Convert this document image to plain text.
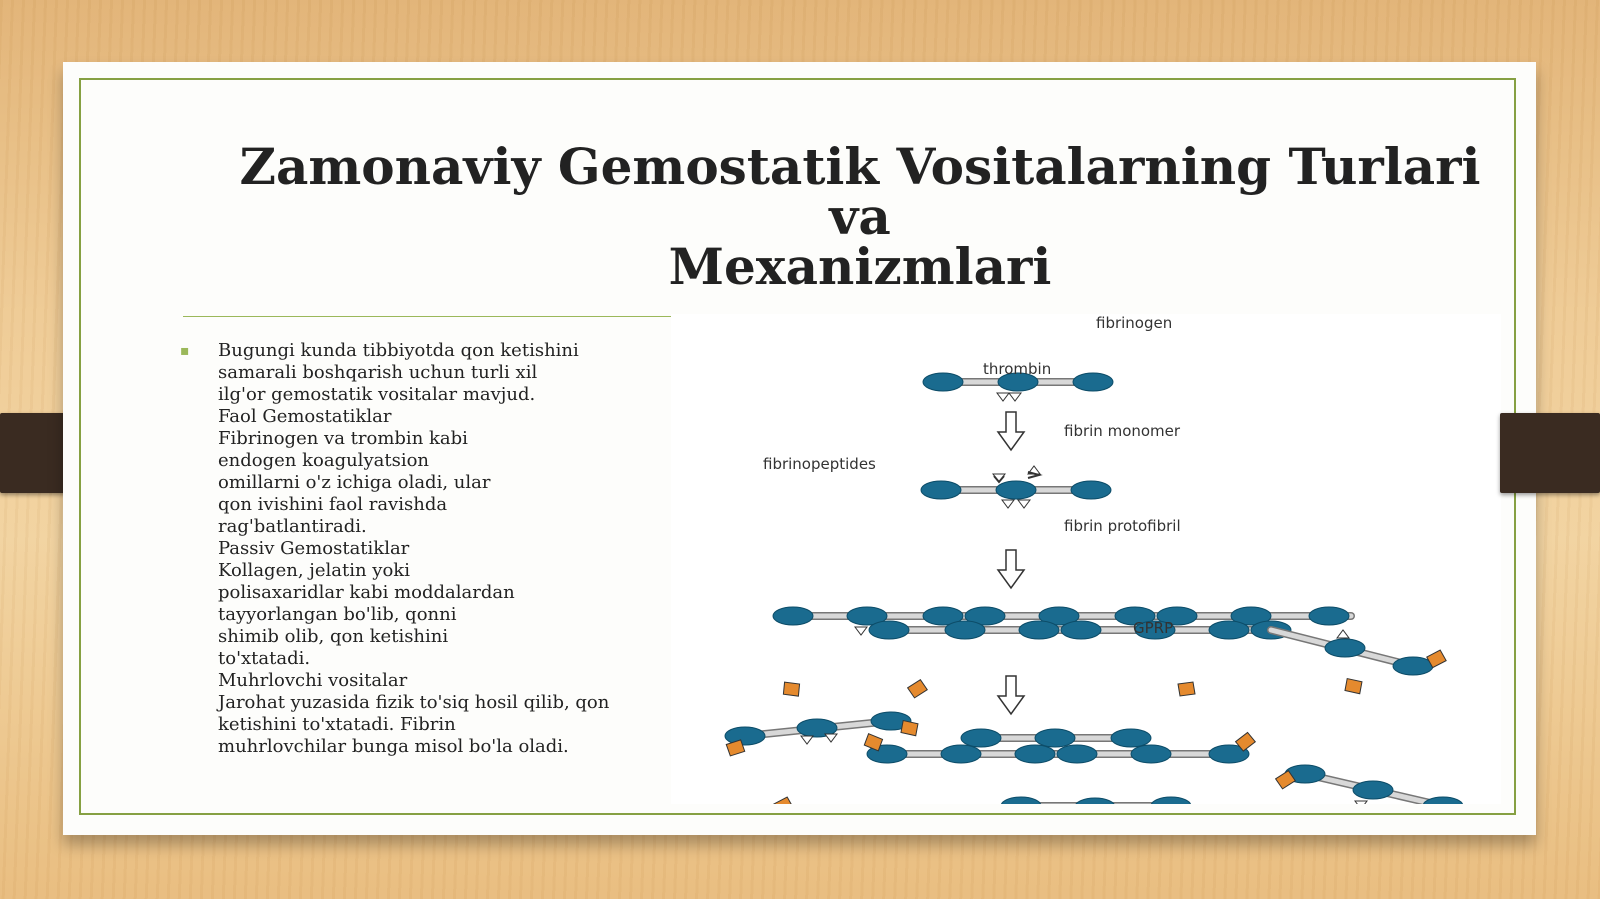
Zamonaviy Gemostatik Vositalarning Turlari
va
Mexanizmlari
▪ Bugungi kunda tibbiyotda qon ketishini
samarali boshqarish uchun turli xil
ilg'or gemostatik vositalar mavjud.
Faol Gemostatiklar
Fibrinogen va trombin kabi
endogen koagulyatsion
omillarni o'z ichiga oladi, ular
qon ivishini faol ravishda
rag'batlantiradi.
Passiv Gemostatiklar
Kollagen, jelatin yoki
polisaxaridlar kabi moddalardan
tayyorlangan bo'lib, qonni
shimib olib, qon ketishini
to'xtatadi.
Muhrlovchi vositalar
Jarohat yuzasida fizik to'siq hosil qilib, qon
ketishini to'xtatadi. Fibrin
muhrlovchilar bunga misol bo'la oladi.
fibrinogen
thrombin
fibrin monomer
fibrinopeptides
fibrin protofibril
GPRP
